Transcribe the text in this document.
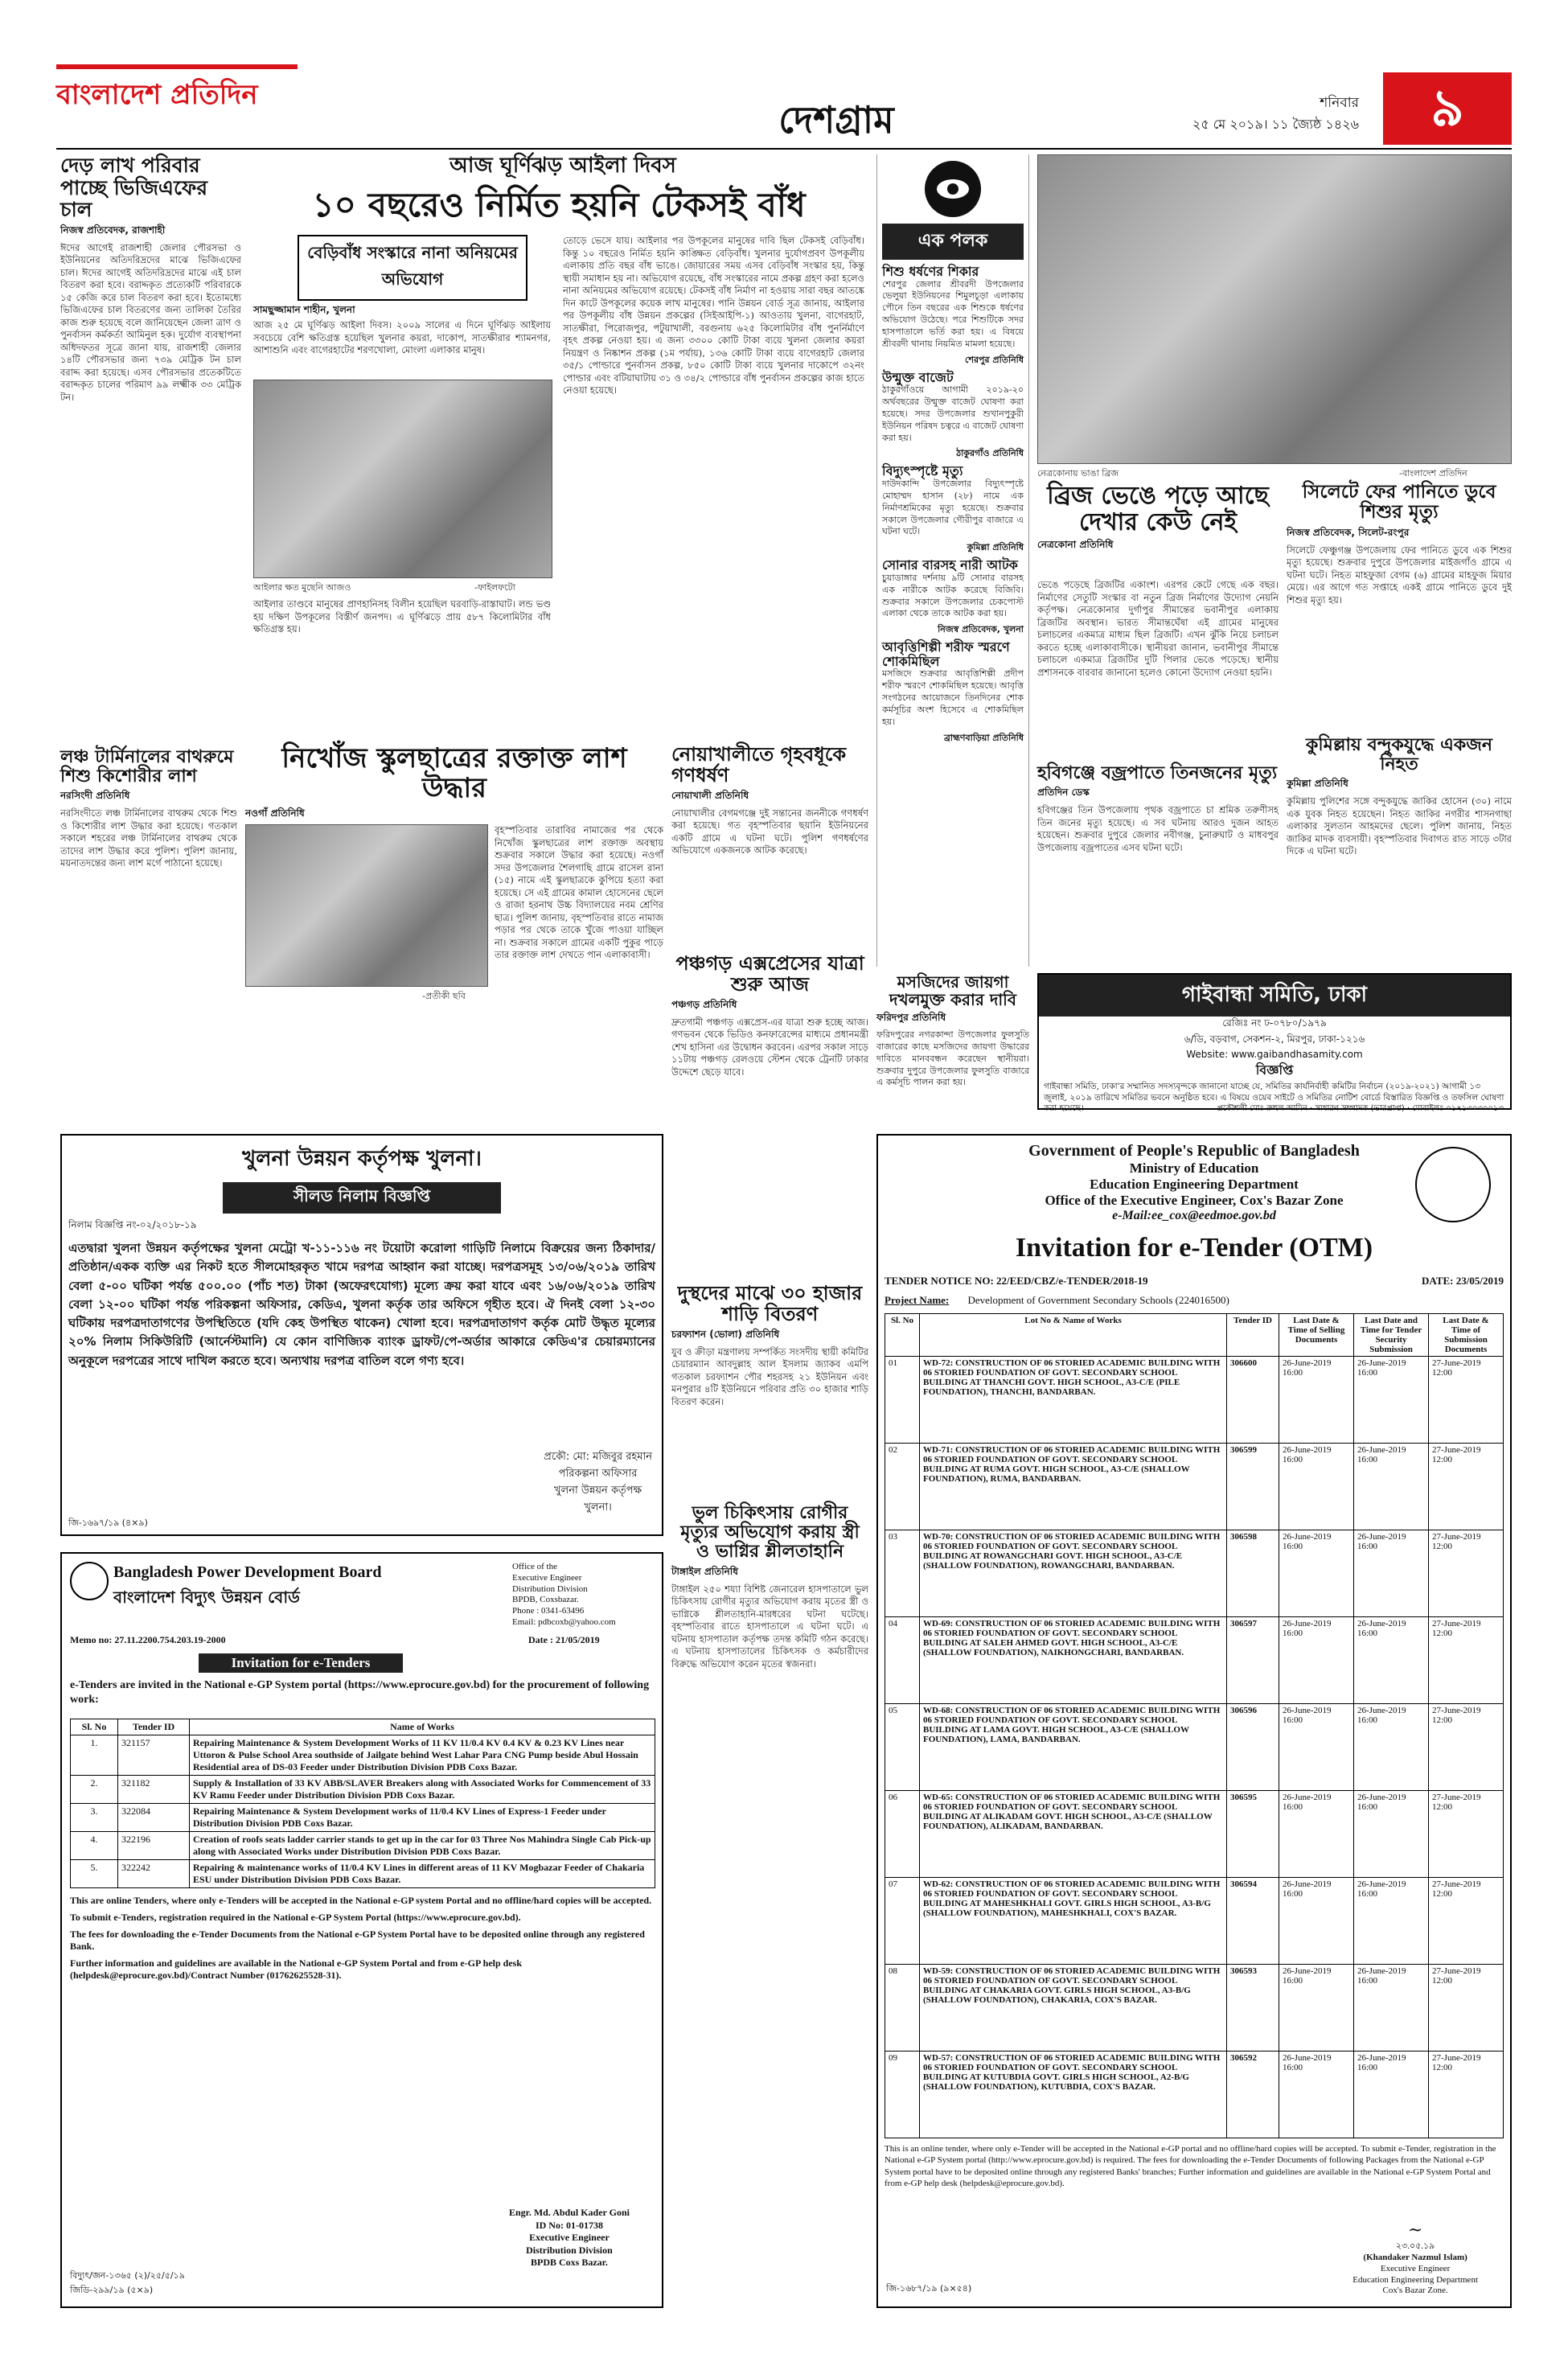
বাংলাদেশ প্রতিদিন
দেশগ্রাম	শনিবার
২৫ মে ২০১৯। ১১ জ্যৈষ্ঠ ১৪২৬	৯
দেড় লাখ পরিবার পাচ্ছে ভিজিএফের চাল
নিজস্ব প্রতিবেদক, রাজশাহী
ঈদের আগেই রাজশাহী জেলার পৌরসভা ও ইউনিয়নের অতিদরিদ্রদের মাঝে ভিজিএফের চাল। ঈদের আগেই অতিদরিদ্রদের মাঝে এই চাল বিতরণ করা হবে। বরাদ্দকৃত প্রত্যেকটি পরিবারকে ১৫ কেজি করে চাল বিতরণ করা হবে। ইতোমধ্যে ভিজিএফের চাল বিতরণের জন্য তালিকা তৈরির কাজ শুরু হয়েছে বলে জানিয়েছেন জেলা ত্রাণ ও পুনর্বাসন কর্মকর্তা আমিনুল হক। দুর্যোগ ব্যবস্থাপনা অধিদফতর সূত্রে জানা যায়, রাজশাহী জেলার ১৪টি পৌরসভার জন্য ৭৩৯ মেট্রিক টন চাল বরাদ্দ করা হয়েছে। এসব পৌরসভার প্রতেকটিতে বরাদ্দকৃত চালের পরিমাণ ৯৯ লক্ষ্মীক ৩৩ মেট্রিক টন।
আজ ঘূর্ণিঝড় আইলা দিবস
১০ বছরেও নির্মিত হয়নি টেকসই বাঁধ
বেড়িবাঁধ সংস্কারে নানা অনিয়মের অভিযোগ
সামছুজ্জামান শাহীন, খুলনা
আজ ২৫ মে ঘূর্ণিঝড় আইলা দিবস। ২০০৯ সালের এ দিনে ঘূর্ণিঝড় আইলায় সবচেয়ে বেশি ক্ষতিগ্রস্ত হয়েছিল খুলনার কয়রা, দাকোপ, সাতক্ষীরার শ্যামনগর, আশাশুনি এবং বাগেরহাটের শরণখোলা, মোংলা এলাকার মানুষ।
আইলার ক্ষত মুছেনি আজও	-ফাইলফটো
আইলার তাণ্ডবে মানুষের প্রাণহানিসহ বিলীন হয়েছিল ঘরবাড়ি-রাস্তাঘাট। লন্ড ভণ্ড হয় দক্ষিণ উপকূলের বিস্তীর্ণ জনপদ। এ ঘূর্ণিঝড়ে প্রায় ৫৮৭ কিলোমিটার বাঁধ ক্ষতিগ্রস্ত হয়।
তোড়ে ভেসে যায়। আইলার পর উপকূলের মানুষের দাবি ছিল টেকসই বেড়িবাঁধ। কিন্তু ১০ বছরেও নির্মিত হয়নি কাঙ্ক্ষিত বেড়িবাঁধ। খুলনার দুর্যোগপ্রবণ উপকূলীয় এলাকায় প্রতি বছর বাঁধ ভাঙে। জোয়ারের সময় এসব বেড়িবাঁধ সংস্কার হয়, কিন্তু স্থায়ী সমাধান হয় না। অভিযোগ রয়েছে, বাঁধ সংস্কারের নামে প্রকল্প গ্রহণ করা হলেও নানা অনিয়মের অভিযোগ রয়েছে। টেকসই বাঁধ নির্মাণ না হওয়ায় সারা বছর আতঙ্কে দিন কাটে উপকূলের কয়েক লাখ মানুষের। পানি উন্নয়ন বোর্ড সূত্র জানায়, আইলার পর উপকূলীয় বাঁধ উন্নয়ন প্রকল্পের (সিইআইপি-১) আওতায় খুলনা, বাগেরহাট, সাতক্ষীরা, পিরোজপুর, পটুয়াখালী, বরগুনায় ৬২৫ কিলোমিটার বাঁধ পুনর্নির্মাণে বৃহৎ প্রকল্প নেওয়া হয়। এ জন্য ৩৩০০ কোটি টাকা ব্যয়ে খুলনা জেলার কয়রা নিয়ন্ত্রণ ও নিষ্কাশন প্রকল্প (১ম পর্যায়), ১৩৬ কোটি টাকা ব্যয়ে বাগেরহাট জেলার ৩৫/১ পোল্ডারে পুনর্বাসন প্রকল্প, ৮৫০ কোটি টাকা ব্যয়ে খুলনার দাকোপে ৩২নং পোল্ডার এবং বটিয়াঘাটায় ৩১ ও ৩৪/২ পোল্ডারে বাঁধ পুনর্বাসন প্রকল্পের কাজ হাতে নেওয়া হয়েছে।
এক পলক
শিশু ধর্ষণের শিকার
শেরপুর জেলার শ্রীবরদী উপজেলার ভেলুয়া ইউনিয়নের শিমুলচূড়া এলাকায় পৌনে তিন বছরের এক শিশুকে ধর্ষণের অভিযোগ উঠেছে। পরে শিশুটিকে সদর হাসপাতালে ভর্তি করা হয়। এ বিষয়ে শ্রীবরদী থানায় নিয়মিত মামলা হয়েছে।
শেরপুর প্রতিনিধি
উন্মুক্ত বাজেট
ঠাকুরগাঁওয়ে আগামী ২০১৯-২০ অর্থবছরের উন্মুক্ত বাজেট ঘোষণা করা হয়েছে। সদর উপজেলার শুখানপুকুরী ইউনিয়ন পরিষদ চত্বরে এ বাজেট ঘোষণা করা হয়।
ঠাকুরগাঁও প্রতিনিধি
বিদ্যুৎস্পৃষ্টে মৃত্যু
দাউদকান্দি উপজেলার বিদ্যুৎস্পৃষ্টে মোহাম্মদ হাসান (২৮) নামে এক নির্মাণশ্রমিকের মৃত্যু হয়েছে। শুক্রবার সকালে উপজেলার গৌরীপুর বাজারে এ ঘটনা ঘটে।
কুমিল্লা প্রতিনিধি
সোনার বারসহ নারী আটক
চুয়াডাঙ্গার দর্শনায় ৯টি সোনার বারসহ এক নারীকে আটক করেছে বিজিবি। শুক্রবার সকালে উপজেলার চেকপোস্ট এলাকা থেকে তাকে আটক করা হয়।
নিজস্ব প্রতিবেদক, খুলনা
আবৃত্তিশিল্পী শরীফ স্মরণে শোকমিছিল
মসজিদে শুক্রবার আবৃত্তিশিল্পী প্রদীপ শরীফ স্মরণে শোকমিছিল হয়েছে। আবৃত্তি সংগঠনের আয়োজনে তিনদিনের শোক কর্মসূচির অংশ হিসেবে এ শোকমিছিল হয়।
ব্রাহ্মণবাড়িয়া প্রতিনিধি
নেত্রকোনায় ভাঙা ব্রিজ	-বাংলাদেশ প্রতিদিন
ব্রিজ ভেঙে পড়ে আছে দেখার কেউ নেই
নেত্রকোনা প্রতিনিধি
ভেঙে পড়েছে ব্রিজটির একাংশ। এরপর কেটে গেছে এক বছর। নির্মাণের সেতুটি সংস্কার বা নতুন ব্রিজ নির্মাণের উদ্যোগ নেয়নি কর্তৃপক্ষ। নেত্রকোনার দুর্গাপুর সীমান্তের ভবানীপুর এলাকায় ব্রিজটির অবস্থান। ভারত সীমান্তঘেঁষা এই গ্রামের মানুষের চলাচলের একমাত্র মাধ্যম ছিল ব্রিজটি। এখন ঝুঁকি নিয়ে চলাচল করতে হচ্ছে এলাকাবাসীকে। স্থানীয়রা জানান, ভবানীপুর সীমান্তে চলাচলে একমাত্র ব্রিজটির দুটি পিলার ভেঙে পড়েছে। স্থানীয় প্রশাসনকে বারবার জানানো হলেও কোনো উদ্যোগ নেওয়া হয়নি।
সিলেটে ফের পানিতে ডুবে শিশুর মৃত্যু
নিজস্ব প্রতিবেদক, সিলেট-রংপুর
সিলেটে ফেঞ্চুগঞ্জ উপজেলায় ফের পানিতে ডুবে এক শিশুর মৃত্যু হয়েছে। শুক্রবার দুপুরে উপজেলার মাইজগাঁও গ্রামে এ ঘটনা ঘটে। নিহত মাহফুজা বেগম (৬) গ্রামের মাহফুজ মিয়ার মেয়ে। এর আগে গত সপ্তাহে একই গ্রামে পানিতে ডুবে দুই শিশুর মৃত্যু হয়।
কুমিল্লায় বন্দুকযুদ্ধে একজন নিহত
কুমিল্লা প্রতিনিধি
কুমিল্লায় পুলিশের সঙ্গে বন্দুকযুদ্ধে জাকির হোসেন (৩০) নামে এক যুবক নিহত হয়েছেন। নিহত জাকির নগরীর শাসনগাছা এলাকার সুলতান আহমদের ছেলে। পুলিশ জানায়, নিহত জাকির মাদক ব্যবসায়ী। বৃহস্পতিবার দিবাগত রাত সাড়ে ৩টার দিকে এ ঘটনা ঘটে।
হবিগঞ্জে বজ্রপাতে তিনজনের মৃত্যু
প্রতিদিন ডেস্ক
হবিগঞ্জের তিন উপজেলায় পৃথক বজ্রপাতে চা শ্রমিক তরুণীসহ তিন জনের মৃত্যু হয়েছে। এ সব ঘটনায় আরও দুজন আহত হয়েছেন। শুক্রবার দুপুরে জেলার নবীগঞ্জ, চুনারুঘাট ও মাধবপুর উপজেলায় বজ্রপাতের এসব ঘটনা ঘটে।
লঞ্চ টার্মিনালের বাথরুমে শিশু কিশোরীর লাশ
নরসিংদী প্রতিনিধি
নরসিংদীতে লঞ্চ টার্মিনালের বাথরুম থেকে শিশু ও কিশোরীর লাশ উদ্ধার করা হয়েছে। গতকাল সকালে শহরের লঞ্চ টার্মিনালের বাথরুম থেকে তাদের লাশ উদ্ধার করে পুলিশ। পুলিশ জানায়, ময়নাতদন্তের জন্য লাশ মর্গে পাঠানো হয়েছে।
নিখোঁজ স্কুলছাত্রের রক্তাক্ত লাশ উদ্ধার
নওগাঁ প্রতিনিধি
-প্রতীকী ছবি
বৃহস্পতিবার তারাবির নামাজের পর থেকে নিখোঁজ স্কুলছাত্রের লাশ রক্তাক্ত অবস্থায় শুক্রবার সকালে উদ্ধার করা হয়েছে। নওগাঁ সদর উপজেলার শৈলগাছি গ্রামে রাসেল রানা (১৫) নামে এই স্কুলছাত্রকে কুপিয়ে হত্যা করা হয়েছে। সে এই গ্রামের কামাল হোসেনের ছেলে ও রাজা হরনাথ উচ্চ বিদ্যালয়ের নবম শ্রেণির ছাত্র। পুলিশ জানায়, বৃহস্পতিবার রাতে নামাজ পড়ার পর থেকে তাকে খুঁজে পাওয়া যাচ্ছিল না। শুক্রবার সকালে গ্রামের একটি পুকুর পাড়ে তার রক্তাক্ত লাশ দেখতে পান এলাকাবাসী।
নোয়াখালীতে গৃহবধূকে গণধর্ষণ
নোয়াখালী প্রতিনিধি
নোয়াখালীর বেগমগঞ্জে দুই সন্তানের জননীকে গণধর্ষণ করা হয়েছে। গত বৃহস্পতিবার ছয়ানি ইউনিয়নের একটি গ্রামে এ ঘটনা ঘটে। পুলিশ গণধর্ষণের অভিযোগে একজনকে আটক করেছে।
পঞ্চগড় এক্সপ্রেসের যাত্রা শুরু আজ
পঞ্চগড় প্রতিনিধি
দ্রুতগামী পঞ্চগড় এক্সপ্রেস-এর যাত্রা শুরু হচ্ছে আজ। গণভবন থেকে ভিডিও কনফারেন্সের মাধ্যমে প্রধানমন্ত্রী শেখ হাসিনা এর উদ্বোধন করবেন। এরপর সকাল সাড়ে ১১টায় পঞ্চগড় রেলওয়ে স্টেশন থেকে ট্রেনটি ঢাকার উদ্দেশে ছেড়ে যাবে।
মসজিদের জায়গা দখলমুক্ত করার দাবি
ফরিদপুর প্রতিনিধি
ফরিদপুরের নগরকান্দা উপজেলার ফুলসুতি বাজারের কাছে মসজিদের জায়গা উদ্ধারের দাবিতে মানববন্ধন করেছেন স্থানীয়রা। শুক্রবার দুপুরে উপজেলার ফুলসুতি বাজারে এ কর্মসূচি পালন করা হয়।
গাইবান্ধা সমিতি, ঢাকা
রেজিঃ নং ঢ-০৭৮০/১৯৭৯
৬/ডি, বড়বাগ, সেকশন-২, মিরপুর, ঢাকা-১২১৬
Website: www.gaibandhasamity.com
বিজ্ঞপ্তি
গাইবান্ধা সমিতি, ঢাকা'র সম্মানিত সদস্যবৃন্দকে জানানো যাচ্ছে যে, সমিতির কার্যনির্বাহী কমিটির নির্বাচন (২০১৯-২০২১) আগামী ১৩ জুলাই, ২০১৯ তারিখে সমিতির ভবনে অনুষ্ঠিত হবে। এ বিষয়ে ওয়েব সাইটে ও সমিতির নোটিশ বোর্ডে বিস্তারিত বিজ্ঞপ্তি ও তফসিল ঘোষণা করা হয়েছে।	প্রকৌশলী মোঃ রুহুল আমিন · সাধারণ সম্পাদক (ভারপ্রাপ্ত) · মোবাইলঃ ০১৭১৩০৩০০১৩
খুলনা উন্নয়ন কর্তৃপক্ষ খুলনা।
সীলড নিলাম বিজ্ঞপ্তি
নিলাম বিজ্ঞপ্তি নং-০২/২০১৮-১৯
এতদ্বারা খুলনা উন্নয়ন কর্তৃপক্ষের খুলনা মেট্রো খ-১১-১১৬ নং টয়োটা করোলা গাড়িটি নিলামে বিক্রয়ের জন্য ঠিকাদার/প্রতিষ্ঠান/একক ব্যক্তি এর নিকট হতে সীলমোহরকৃত খামে দরপত্র আহ্বান করা যাচ্ছে। দরপত্রসমূহ ১৩/০৬/২০১৯ তারিখ বেলা ৫-০০ ঘটিকা পর্যন্ত ৫০০.০০ (পাঁচ শত) টাকা (অফেরৎযোগ্য) মূল্যে ক্রয় করা যাবে এবং ১৬/০৬/২০১৯ তারিখ বেলা ১২-০০ ঘটিকা পর্যন্ত পরিকল্পনা অফিসার, কেডিএ, খুলনা কর্তৃক তার অফিসে গৃহীত হবে। ঐ দিনই বেলা ১২-৩০ ঘটিকায় দরপত্রদাতাগণের উপস্থিতিতে (যদি কেহ উপস্থিত থাকেন) খোলা হবে। দরপত্রদাতাগণ কর্তৃক মোট উদ্ধৃত মূল্যের ২০% নিলাম সিকিউরিটি (আর্নেস্টমানি) যে কোন বাণিজ্যিক ব্যাংক ড্রাফট/পে-অর্ডার আকারে কেডিএ'র চেয়ারম্যানের অনুকূলে দরপত্রের সাথে দাখিল করতে হবে। অন্যথায় দরপত্র বাতিল বলে গণ্য হবে।
প্রকৌ: মো: মজিবুর রহমান
পরিকল্পনা অফিসার
খুলনা উন্নয়ন কর্তৃপক্ষ
খুলনা।
জি-১৬৯৭/১৯ (৪×৯)
দুস্থদের মাঝে ৩০ হাজার শাড়ি বিতরণ
চরফ্যাশন (ভোলা) প্রতিনিধি
যুব ও ক্রীড়া মন্ত্রণালয় সম্পর্কিত সংসদীয় স্থায়ী কমিটির চেয়ারম্যান আবদুল্লাহ আল ইসলাম জ্যাকব এমপি গতকাল চরফ্যাশন পৌর শহরসহ ২১ ইউনিয়ন এবং মনপুরার ৪টি ইউনিয়নে পরিবার প্রতি ৩০ হাজার শাড়ি বিতরণ করেন।
ভুল চিকিৎসায় রোগীর মৃত্যুর অভিযোগ করায় স্ত্রী ও ভাগ্নির শ্লীলতাহানি
টাঙ্গাইল প্রতিনিধি
টাঙ্গাইল ২৫০ শয্যা বিশিষ্ট জেনারেল হাসপাতালে ভুল চিকিৎসায় রোগীর মৃত্যুর অভিযোগ করায় মৃতের স্ত্রী ও ভাগ্নিকে শ্লীলতাহানি-মারধরের ঘটনা ঘটেছে। বৃহস্পতিবার রাতে হাসপাতালে এ ঘটনা ঘটে। এ ঘটনায় হাসপাতাল কর্তৃপক্ষ তদন্ত কমিটি গঠন করেছে। এ ঘটনায় হাসপাতালের চিকিৎসক ও কর্মচারীদের বিরুদ্ধে অভিযোগ করেন মৃতের স্বজনরা।
Bangladesh Power Development Board
বাংলাদেশ বিদ্যুৎ উন্নয়ন বোর্ড
Office of the
Executive Engineer
Distribution Division
BPDB, Coxsbazar.
Phone : 0341-63496
Email: pdbcoxb@yahoo.com
Memo no: 27.11.2200.754.203.19-2000	Date : 21/05/2019
Invitation for e-Tenders
e-Tenders are invited in the National e-GP System portal (https://www.eprocure.gov.bd) for the procurement of following work:
Sl. No	Tender ID	Name of Works
1.	321157	Repairing Maintenance & System Development Works of 11 KV 11/0.4 KV 0.4 KV & 0.23 KV Lines near Uttoron & Pulse School Area southside of Jailgate behind West Lahar Para CNG Pump beside Abul Hossain Residential area of DS-03 Feeder under Distribution Division PDB Coxs Bazar.
2.	321182	Supply & Installation of 33 KV ABB/SLAVER Breakers along with Associated Works for Commencement of 33 KV Ramu Feeder under Distribution Division PDB Coxs Bazar.
3.	322084	Repairing Maintenance & System Development works of 11/0.4 KV Lines of Express-1 Feeder under Distribution Division PDB Coxs Bazar.
4.	322196	Creation of roofs seats ladder carrier stands to get up in the car for 03 Three Nos Mahindra Single Cab Pick-up along with Associated Works under Distribution Division PDB Coxs Bazar.
5.	322242	Repairing & maintenance works of 11/0.4 KV Lines in different areas of 11 KV Mogbazar Feeder of Chakaria ESU under Distribution Division PDB Coxs Bazar.
This are online Tenders, where only e-Tenders will be accepted in the National e-GP system Portal and no offline/hard copies will be accepted.
To submit e-Tenders, registration required in the National e-GP System Portal (https://www.eprocure.gov.bd).
The fees for downloading the e-Tender Documents from the National e-GP System Portal have to be deposited online through any registered Bank.
Further information and guidelines are available in the National e-GP System Portal and from e-GP help desk (helpdesk@eprocure.gov.bd)/Contract Number (01762625528-31).
Engr. Md. Abdul Kader Goni
ID No: 01-01738
Executive Engineer
Distribution Division
BPDB Coxs Bazar.
বিদ্যুৎ/জন-১৩৬৫ (২)/২৫/৫/১৯
জিডি-২৯৯/১৯ (৫×৯)
Government of People's Republic of Bangladesh
Ministry of Education
Education Engineering Department
Office of the Executive Engineer, Cox's Bazar Zone
e-Mail:ee_cox@eedmoe.gov.bd
Invitation for e-Tender (OTM)
TENDER NOTICE NO: 22/EED/CBZ/e-TENDER/2018-19	DATE: 23/05/2019
Project Name: Development of Government Secondary Schools (224016500)
Sl. No	Lot No & Name of Works	Tender ID	Last Date & Time of Selling Documents	Last Date and Time for Tender Security Submission	Last Date & Time of Submission Documents
01	WD-72: CONSTRUCTION OF 06 STORIED ACADEMIC BUILDING WITH 06 STORIED FOUNDATION OF GOVT. SECONDARY SCHOOL BUILDING AT THANCHI GOVT. HIGH SCHOOL, A3-C/E (PILE FOUNDATION), THANCHI, BANDARBAN.	306600	26-June-2019 16:00	26-June-2019 16:00	27-June-2019 12:00
02	WD-71: CONSTRUCTION OF 06 STORIED ACADEMIC BUILDING WITH 06 STORIED FOUNDATION OF GOVT. SECONDARY SCHOOL BUILDING AT RUMA GOVT. HIGH SCHOOL, A3-C/E (SHALLOW FOUNDATION), RUMA, BANDARBAN.	306599	26-June-2019 16:00	26-June-2019 16:00	27-June-2019 12:00
03	WD-70: CONSTRUCTION OF 06 STORIED ACADEMIC BUILDING WITH 06 STORIED FOUNDATION OF GOVT. SECONDARY SCHOOL BUILDING AT ROWANGCHARI GOVT. HIGH SCHOOL, A3-C/E (SHALLOW FOUNDATION), ROWANGCHARI, BANDARBAN.	306598	26-June-2019 16:00	26-June-2019 16:00	27-June-2019 12:00
04	WD-69: CONSTRUCTION OF 06 STORIED ACADEMIC BUILDING WITH 06 STORIED FOUNDATION OF GOVT. SECONDARY SCHOOL BUILDING AT SALEH AHMED GOVT. HIGH SCHOOL, A3-C/E (SHALLOW FOUNDATION), NAIKHONGCHARI, BANDARBAN.	306597	26-June-2019 16:00	26-June-2019 16:00	27-June-2019 12:00
05	WD-68: CONSTRUCTION OF 06 STORIED ACADEMIC BUILDING WITH 06 STORIED FOUNDATION OF GOVT. SECONDARY SCHOOL BUILDING AT LAMA GOVT. HIGH SCHOOL, A3-C/E (SHALLOW FOUNDATION), LAMA, BANDARBAN.	306596	26-June-2019 16:00	26-June-2019 16:00	27-June-2019 12:00
06	WD-65: CONSTRUCTION OF 06 STORIED ACADEMIC BUILDING WITH 06 STORIED FOUNDATION OF GOVT. SECONDARY SCHOOL BUILDING AT ALIKADAM GOVT. HIGH SCHOOL, A3-C/E (SHALLOW FOUNDATION), ALIKADAM, BANDARBAN.	306595	26-June-2019 16:00	26-June-2019 16:00	27-June-2019 12:00
07	WD-62: CONSTRUCTION OF 06 STORIED ACADEMIC BUILDING WITH 06 STORIED FOUNDATION OF GOVT. SECONDARY SCHOOL BUILDING AT MAHESHKHALI GOVT. GIRLS HIGH SCHOOL, A3-B/G (SHALLOW FOUNDATION), MAHESHKHALI, COX'S BAZAR.	306594	26-June-2019 16:00	26-June-2019 16:00	27-June-2019 12:00
08	WD-59: CONSTRUCTION OF 06 STORIED ACADEMIC BUILDING WITH 06 STORIED FOUNDATION OF GOVT. SECONDARY SCHOOL BUILDING AT CHAKARIA GOVT. GIRLS HIGH SCHOOL, A3-B/G (SHALLOW FOUNDATION), CHAKARIA, COX'S BAZAR.	306593	26-June-2019 16:00	26-June-2019 16:00	27-June-2019 12:00
09	WD-57: CONSTRUCTION OF 06 STORIED ACADEMIC BUILDING WITH 06 STORIED FOUNDATION OF GOVT. SECONDARY SCHOOL BUILDING AT KUTUBDIA GOVT. GIRLS HIGH SCHOOL, A2-B/G (SHALLOW FOUNDATION), KUTUBDIA, COX'S BAZAR.	306592	26-June-2019 16:00	26-June-2019 16:00	27-June-2019 12:00
This is an online tender, where only e-Tender will be accepted in the National e-GP portal and no offline/hard copies will be accepted. To submit e-Tender, registration in the National e-GP System portal (http://www.eprocure.gov.bd) is required. The fees for downloading the e-Tender Documents of following Packages from the National e-GP System portal have to be deposited online through any registered Banks' branches; Further information and guidelines are available in the National e-GP System Portal and from e-GP help desk (helpdesk@eprocure.gov.bd).
জি-১৬৮৭/১৯ (৯×৫৪)
~
২৩.০৫.১৯
(Khandaker Nazmul Islam)
Executive Engineer
Education Engineering Department
Cox's Bazar Zone.
